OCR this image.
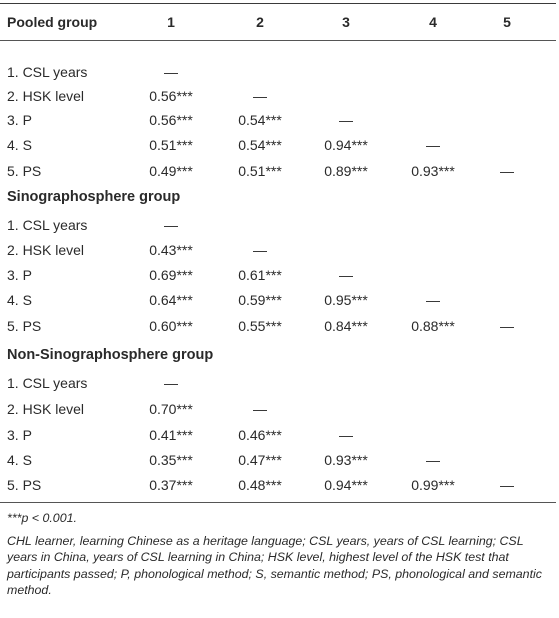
Pooled group	1	2	3	4	5
1. CSL years	—
2. HSK level	0.56***	—
3. P	0.56***	0.54***	—
4. S	0.51***	0.54***	0.94***	—
5. PS	0.49***	0.51***	0.89***	0.93***	—
Sinographosphere group
1. CSL years	—
2. HSK level	0.43***	—
3. P	0.69***	0.61***	—
4. S	0.64***	0.59***	0.95***	—
5. PS	0.60***	0.55***	0.84***	0.88***	—
Non-Sinographosphere group
1. CSL years	—
2. HSK level	0.70***	—
3. P	0.41***	0.46***	—
4. S	0.35***	0.47***	0.93***	—
5. PS	0.37***	0.48***	0.94***	0.99***	—

***p < 0.001.

CHL learner, learning Chinese as a heritage language; CSL years, years of CSL learning; CSL years in China, years of CSL learning in China; HSK level, highest level of the HSK test that participants passed; P, phonological method; S, semantic method; PS, phonological and semantic method.
